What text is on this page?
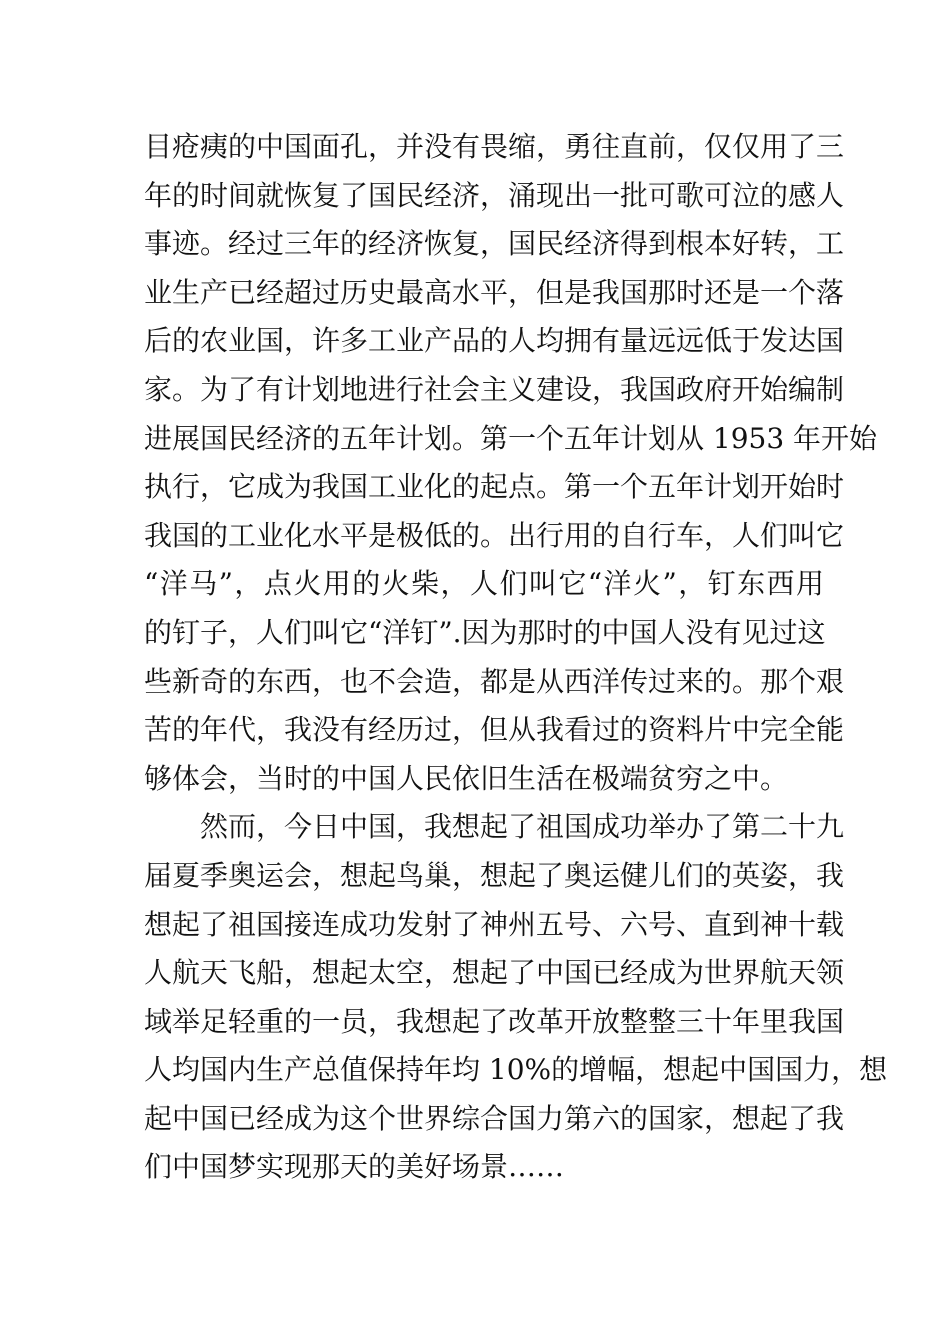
目疮痍的中国面孔，并没有畏缩，勇往直前，仅仅用了三
年的时间就恢复了国民经济，涌现出一批可歌可泣的感人
事迹。经过三年的经济恢复，国民经济得到根本好转，工
业生产已经超过历史最高水平，但是我国那时还是一个落
后的农业国，许多工业产品的人均拥有量远远低于发达国
家。为了有计划地进行社会主义建设，我国政府开始编制
进展国民经济的五年计划。第一个五年计划从 1953 年开始
执行，它成为我国工业化的起点。第一个五年计划开始时
我国的工业化水平是极低的。出行用的自行车，人们叫它
“洋马”，点火用的火柴，人们叫它“洋火”，钉东西用
的钉子，人们叫它“洋钉”.因为那时的中国人没有见过这
些新奇的东西，也不会造，都是从西洋传过来的。那个艰
苦的年代，我没有经历过，但从我看过的资料片中完全能
够体会，当时的中国人民依旧生活在极端贫穷之中。
然而，今日中国，我想起了祖国成功举办了第二十九
届夏季奥运会，想起鸟巢，想起了奥运健儿们的英姿，我
想起了祖国接连成功发射了神州五号、六号、直到神十载
人航天飞船，想起太空，想起了中国已经成为世界航天领
域举足轻重的一员，我想起了改革开放整整三十年里我国
人均国内生产总值保持年均 10%的增幅，想起中国国力，想
起中国已经成为这个世界综合国力第六的国家，想起了我
们中国梦实现那天的美好场景……
